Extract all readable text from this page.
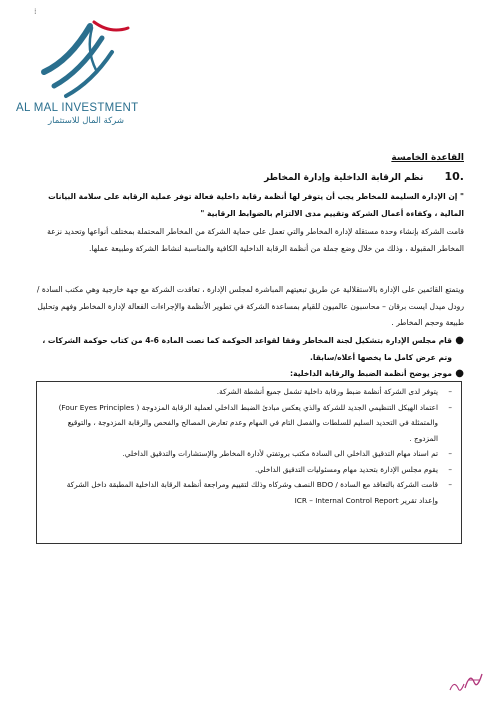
⁞
AL MAL INVESTMENT
شركة المال للاستثمار
القاعدة الخامسة
10. نظم الرقابة الداخلية وإدارة المخاطر
" إن الإدارة السليمة للمخاطر يجب أن يتوفر لها أنظمة رقابة داخلية فعالة توفر عملية الرقابة على سلامة البيانات المالية ، وكفاءة أعمال الشركة وتقييم مدى الالتزام بالضوابط الرقابية "
قامت الشركة بإنشاء وحدة مستقلة لإدارة المخاطر والتي تعمل على حماية الشركة من المخاطر المحتملة بمختلف أنواعها وتحديد نزعة المخاطر المقبولة ، وذلك من خلال وضع جملة من أنظمة الرقابة الداخلية الكافية والمناسبة لنشاط الشركة وطبيعة عملها.
ويتمتع القائمين على الإدارة بالاستقلالية عن طريق تبعيتهم المباشرة لمجلس الإدارة ، تعاقدت الشركة مع جهة خارجية وهي مكتب السادة / رودل ميدل ايست برقان – محاسبون عالميون للقيام بمساعدة الشركة في تطوير الأنظمة والإجراءات الفعالة لإدارة المخاطر وفهم وتحليل طبيعة وحجم المخاطر .
●
قام مجلس الإدارة بتشكيل لجنة المخاطر وفقا لقواعد الحوكمة كما نصت المادة 6-4 من كتاب حوكمة الشركات ، وتم عرض كامل ما يخصها أعلاه/سابقا.
●
موجز يوضح أنظمة الضبط والرقابة الداخلية:
–
يتوفر لدى الشركة أنظمة ضبط ورقابة داخلية تشمل جميع أنشطة الشركة.
–
اعتماد الهيكل التنظيمي الجديد للشركة والذي يعكس مبادئ الضبط الداخلي لعملية الرقابة المزدوجة ( Four Eyes Principles) والمتمثلة في التحديد السليم للسلطات والفصل التام في المهام وعدم تعارض المصالح والفحص والرقابة المزدوجة ، والتوقيع المزدوج .
–
تم اسناد مهام التدقيق الداخلي الى السادة مكتب بروتفتي لأدارة المخاطر والإستشارات والتدقيق الداخلي.
–
يقوم مجلس الإدارة بتحديد مهام ومسئوليات التدقيق الداخلي.
–
قامت الشركة بالتعاقد مع السادة / BDO النصف وشركاه وذلك لتقييم ومراجعة أنظمة الرقابة الداخلية المطبقة داخل الشركة وإعداد تقرير ICR – Internal Control Report
